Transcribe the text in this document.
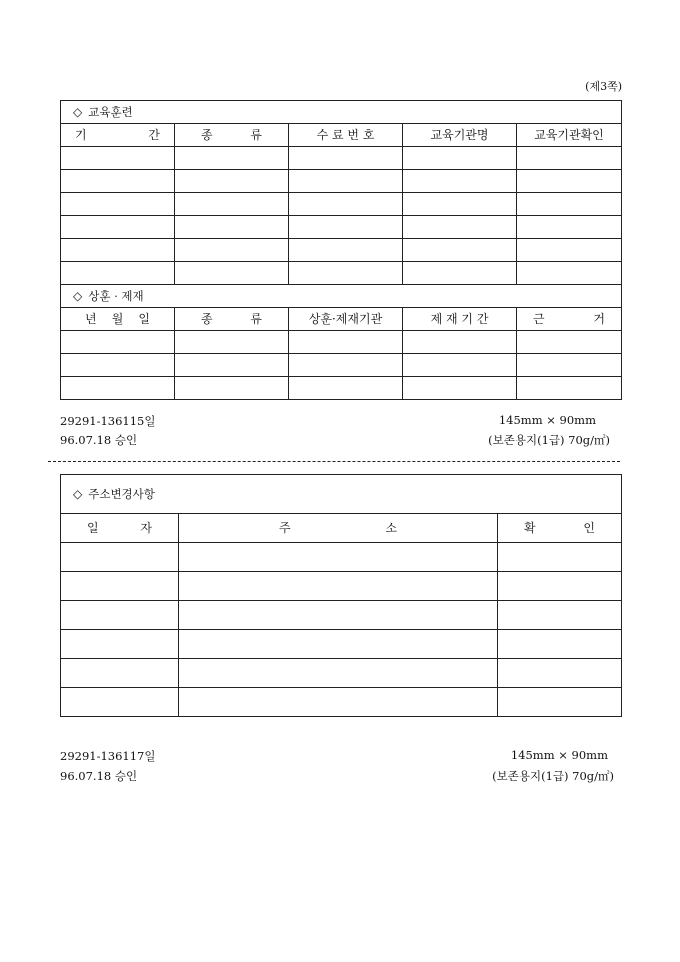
(제3쪽)
◇ 교육훈련				

기 간	종 류	수 료 번 호	교육기관명	교육기관확인

◇ 상훈 · 제재				

년 월 일	종 류	상훈·제재기관	제 재 기 간	근 거

29291-136115일
96.07.18 승인
145mm × 90mm
(보존용지(1급) 70g/㎡)
◇ 주소변경사항		

일 자	주 소	확 인

29291-136117일
96.07.18 승인
145mm × 90mm
(보존용지(1급) 70g/㎡)
